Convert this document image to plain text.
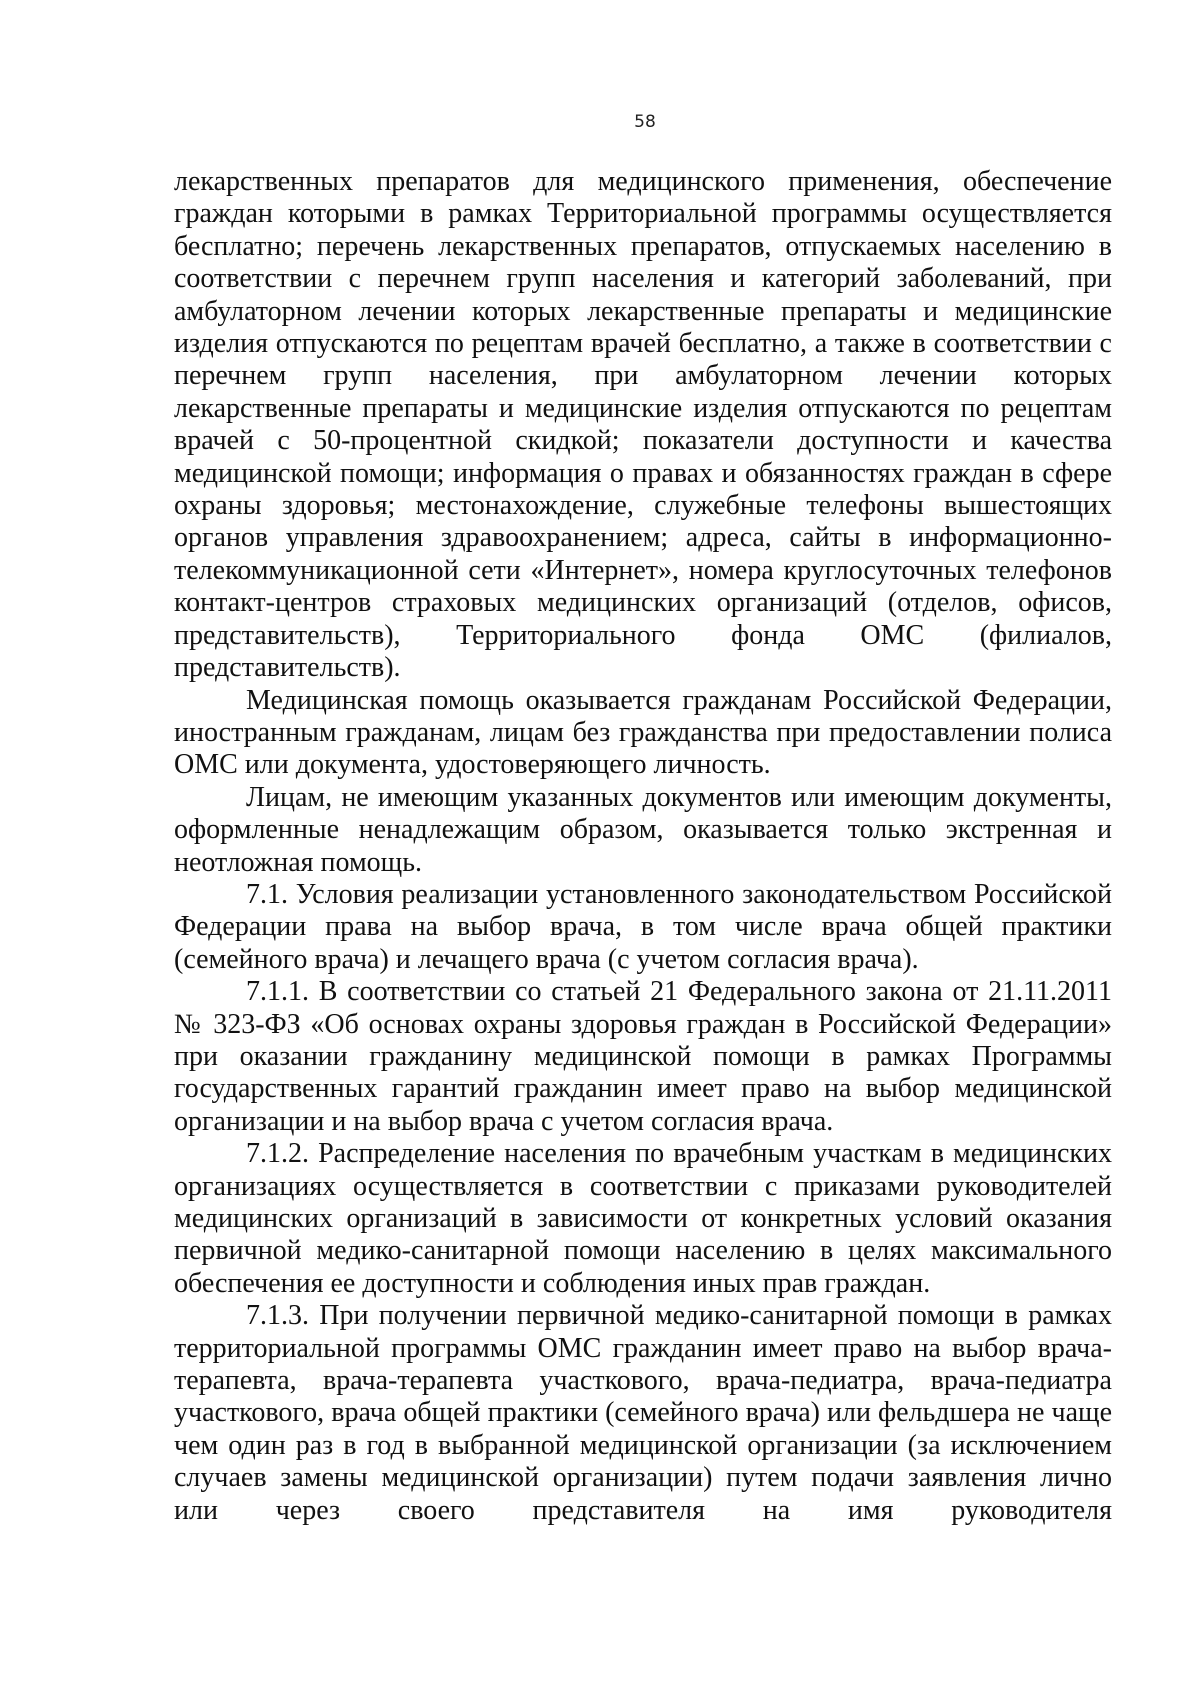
58

лекарственных препаратов для медицинского применения, обеспечение граждан которыми в рамках Территориальной программы осуществляется бесплатно; перечень лекарственных препаратов, отпускаемых населению в соответствии с перечнем групп населения и категорий заболеваний, при амбулаторном лечении которых лекарственные препараты и медицинские изделия отпускаются по рецептам врачей бесплатно, а также в соответствии с перечнем групп населения, при амбулаторном лечении которых лекарственные препараты и медицинские изделия отпускаются по рецептам врачей с 50-процентной скидкой; показатели доступности и качества медицинской помощи; информация о правах и обязанностях граждан в сфере охраны здоровья; местонахождение, служебные телефоны вышестоящих органов управления здравоохранением; адреса, сайты в информационно-телекоммуникационной сети «Интернет», номера круглосуточных телефонов контакт-центров страховых медицинских организаций (отделов, офисов, представительств), Территориального фонда ОМС (филиалов, представительств).

Медицинская помощь оказывается гражданам Российской Федерации, иностранным гражданам, лицам без гражданства при предоставлении полиса ОМС или документа, удостоверяющего личность.

Лицам, не имеющим указанных документов или имеющим документы, оформленные ненадлежащим образом, оказывается только экстренная и неотложная помощь.

7.1. Условия реализации установленного законодательством Российской Федерации права на выбор врача, в том числе врача общей практики (семейного врача) и лечащего врача (с учетом согласия врача).

7.1.1. В соответствии со статьей 21 Федерального закона от 21.11.2011 № 323-ФЗ «Об основах охраны здоровья граждан в Российской Федерации» при оказании гражданину медицинской помощи в рамках Программы государственных гарантий гражданин имеет право на выбор медицинской организации и на выбор врача с учетом согласия врача.

7.1.2. Распределение населения по врачебным участкам в медицинских организациях осуществляется в соответствии с приказами руководителей медицинских организаций в зависимости от конкретных условий оказания первичной медико-санитарной помощи населению в целях максимального обеспечения ее доступности и соблюдения иных прав граждан.

7.1.3. При получении первичной медико-санитарной помощи в рамках территориальной программы ОМС гражданин имеет право на выбор врача-терапевта, врача-терапевта участкового, врача-педиатра, врача-педиатра участкового, врача общей практики (семейного врача) или фельдшера не чаще чем один раз в год в выбранной медицинской организации (за исключением случаев замены медицинской организации) путем подачи заявления лично или через своего представителя на имя руководителя
